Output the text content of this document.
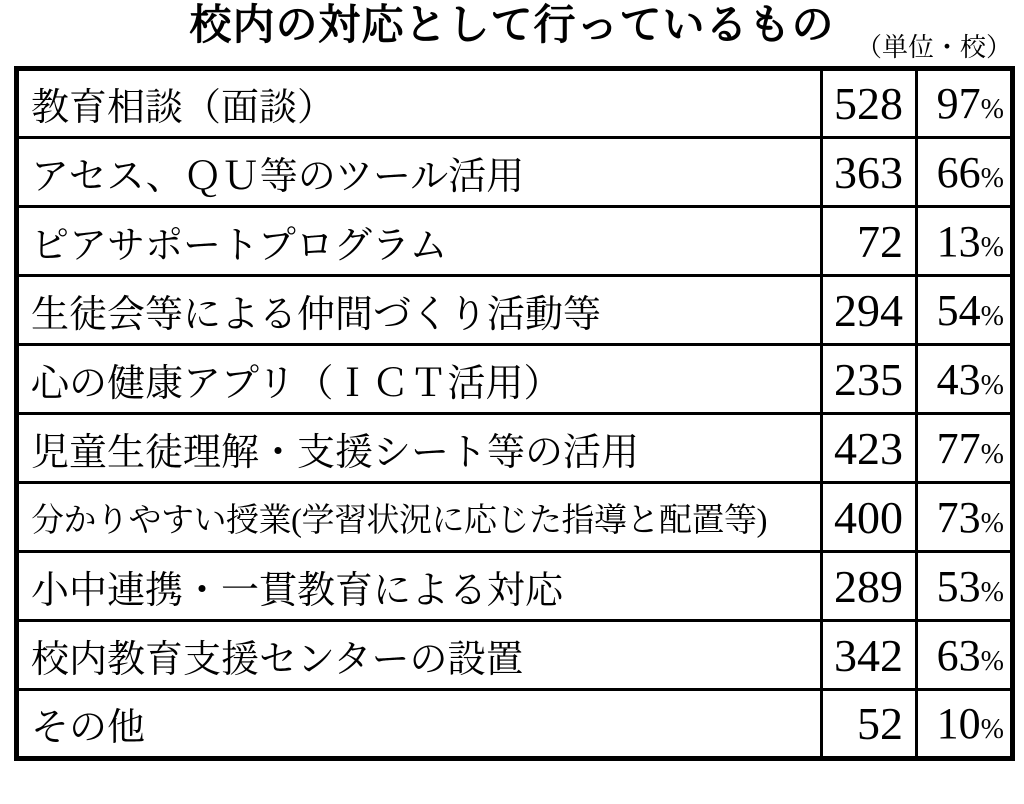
校内の対応として行っているもの （単位・校）
教育相談（面談）	528	97%
アセス、ＱＵ等のツール活用	363	66%
ピアサポートプログラム	72	13%
生徒会等による仲間づくり活動等	294	54%
心の健康アプリ（ＩＣＴ活用）	235	43%
児童生徒理解・支援シート等の活用	423	77%
分かりやすい授業(学習状況に応じた指導と配置等)	400	73%
小中連携・一貫教育による対応	289	53%
校内教育支援センターの設置	342	63%
その他	52	10%
